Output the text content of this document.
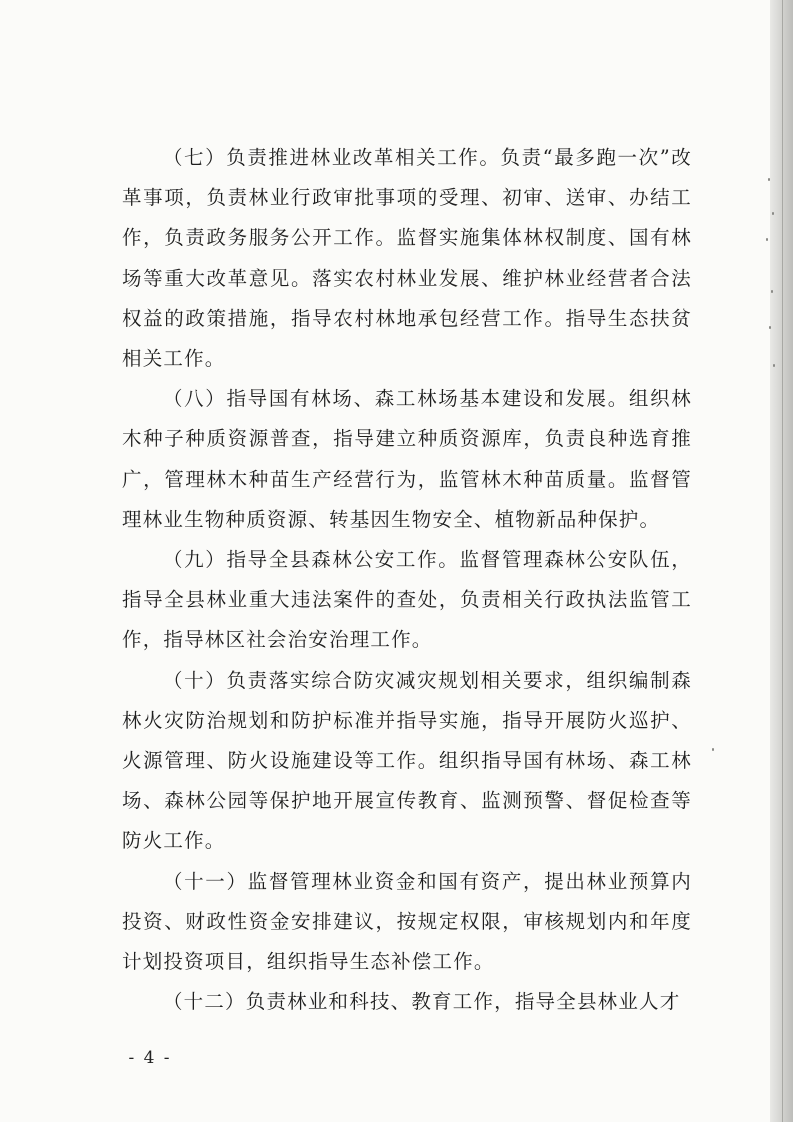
（七）负责推进林业改革相关工作。负责“最多跑一次”改革事项，负责林业行政审批事项的受理、初审、送审、办结工作，负责政务服务公开工作。监督实施集体林权制度、国有林场等重大改革意见。落实农村林业发展、维护林业经营者合法权益的政策措施，指导农村林地承包经营工作。指导生态扶贫相关工作。

（八）指导国有林场、森工林场基本建设和发展。组织林木种子种质资源普查，指导建立种质资源库，负责良种选育推广，管理林木种苗生产经营行为，监管林木种苗质量。监督管理林业生物种质资源、转基因生物安全、植物新品种保护。

（九）指导全县森林公安工作。监督管理森林公安队伍，指导全县林业重大违法案件的查处，负责相关行政执法监管工作，指导林区社会治安治理工作。

（十）负责落实综合防灾减灾规划相关要求，组织编制森林火灾防治规划和防护标准并指导实施，指导开展防火巡护、火源管理、防火设施建设等工作。组织指导国有林场、森工林场、森林公园等保护地开展宣传教育、监测预警、督促检查等防火工作。

（十一）监督管理林业资金和国有资产，提出林业预算内投资、财政性资金安排建议，按规定权限，审核规划内和年度计划投资项目，组织指导生态补偿工作。

（十二）负责林业和科技、教育工作，指导全县林业人才

- 4 -
